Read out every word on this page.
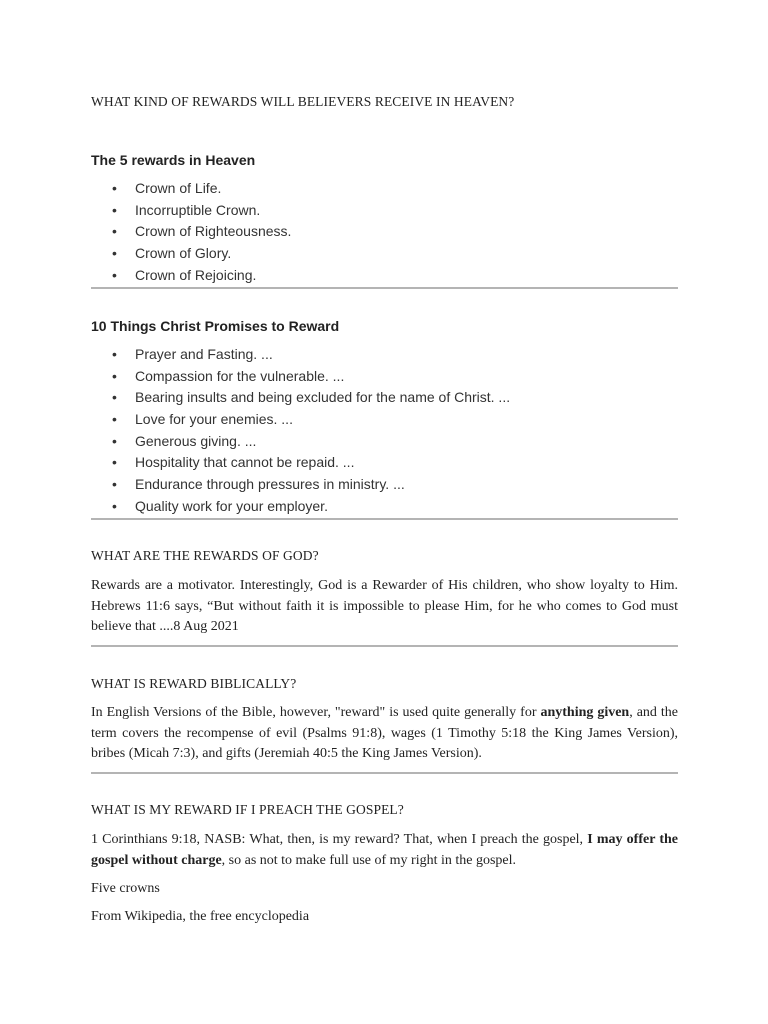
WHAT KIND OF REWARDS WILL BELIEVERS RECEIVE IN HEAVEN?
The 5 rewards in Heaven
• Crown of Life.
• Incorruptible Crown.
• Crown of Righteousness.
• Crown of Glory.
• Crown of Rejoicing.
10 Things Christ Promises to Reward
• Prayer and Fasting. ...
• Compassion for the vulnerable. ...
• Bearing insults and being excluded for the name of Christ. ...
• Love for your enemies. ...
• Generous giving. ...
• Hospitality that cannot be repaid. ...
• Endurance through pressures in ministry. ...
• Quality work for your employer.
WHAT ARE THE REWARDS OF GOD?
Rewards are a motivator. Interestingly, God is a Rewarder of His children, who show loyalty to Him. Hebrews 11:6 says, “But without faith it is impossible to please Him, for he who comes to God must believe that ....8 Aug 2021
WHAT IS REWARD BIBLICALLY?
In English Versions of the Bible, however, "reward" is used quite generally for anything given, and the term covers the recompense of evil (Psalms 91:8), wages (1 Timothy 5:18 the King James Version), bribes (Micah 7:3), and gifts (Jeremiah 40:5 the King James Version).
WHAT IS MY REWARD IF I PREACH THE GOSPEL?
1 Corinthians 9:18, NASB: What, then, is my reward? That, when I preach the gospel, I may offer the gospel without charge, so as not to make full use of my right in the gospel.
Five crowns
From Wikipedia, the free encyclopedia
